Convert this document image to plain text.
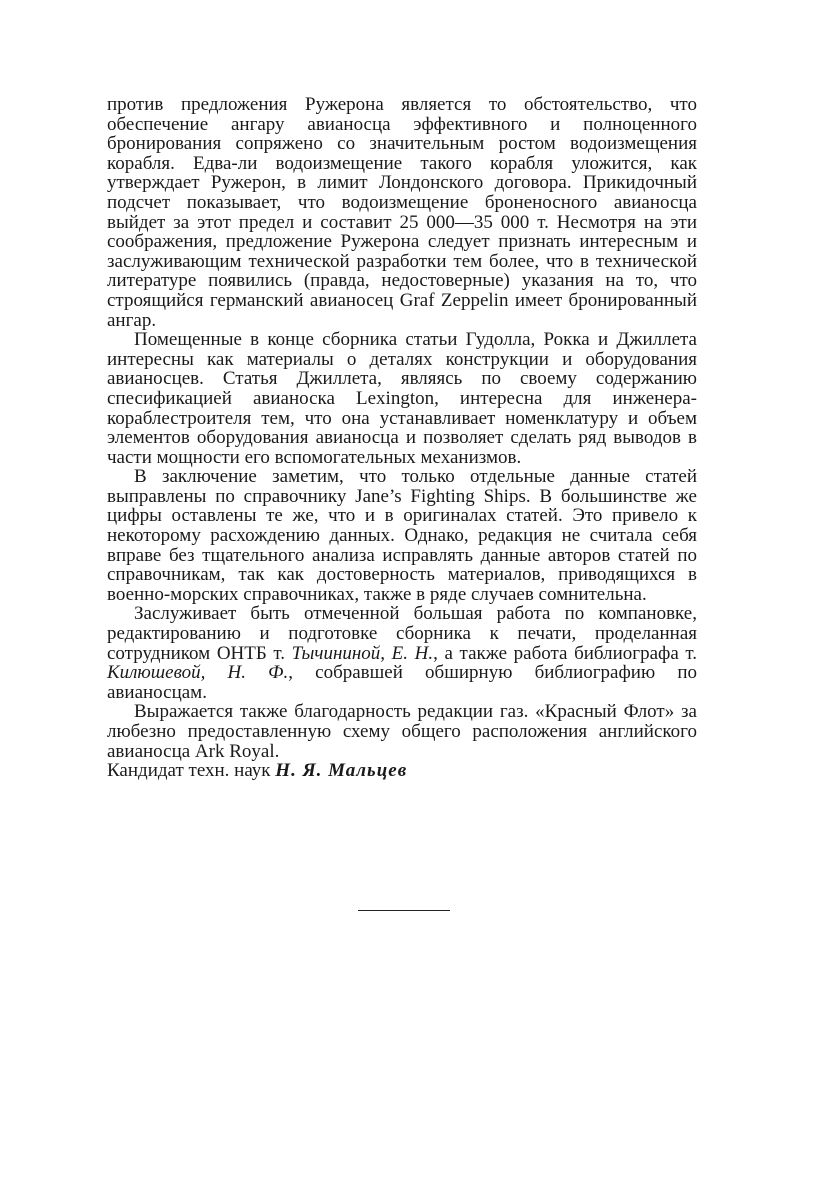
против предложения Ружерона является то обстоятельство, что обеспечение ангару авианосца эффективного и полноценного бронирования сопряжено со значительным ростом водоизмещения корабля. Едва-ли водоизмещение такого корабля уложится, как утверждает Ружерон, в лимит Лондонского договора. Прикидочный подсчет показывает, что водоизмещение броненосного авианосца выйдет за этот предел и составит 25 000—35 000 т. Несмотря на эти соображения, предложение Ружерона следует признать интересным и заслуживающим технической разработки тем более, что в технической литературе появились (правда, недостоверные) указания на то, что строящийся германский авианосец Graf Zeppelin имеет бронированный ангар.

Помещенные в конце сборника статьи Гудолла, Рокка и Джиллета интересны как материалы о деталях конструкции и оборудования авианосцев. Статья Джиллета, являясь по своему содержанию спесификацией авианоска Lexington, интересна для инженера-кораблестроителя тем, что она устанавливает номенклатуру и объем элементов оборудования авианосца и позволяет сделать ряд выводов в части мощности его вспомогательных механизмов.

В заключение заметим, что только отдельные данные статей выправлены по справочнику Jane’s Fighting Ships. В большинстве же цифры оставлены те же, что и в оригиналах статей. Это привело к некоторому расхождению данных. Однако, редакция не считала себя вправе без тщательного анализа исправлять данные авторов статей по справочникам, так как достоверность материалов, приводящихся в военно-морских справочниках, также в ряде случаев сомнительна.

Заслуживает быть отмеченной большая работа по компановке, редактированию и подготовке сборника к печати, проделанная сотрудником ОНТБ т. Тычининой, Е. Н., а также работа библиографа т. Килюшевой, Н. Ф., собравшей обширную библиографию по авианосцам.

Выражается также благодарность редакции газ. «Красный Флот» за любезно предоставленную схему общего расположения английского авианосца Ark Royal.

Кандидат техн. наук Н. Я. Мальцев
